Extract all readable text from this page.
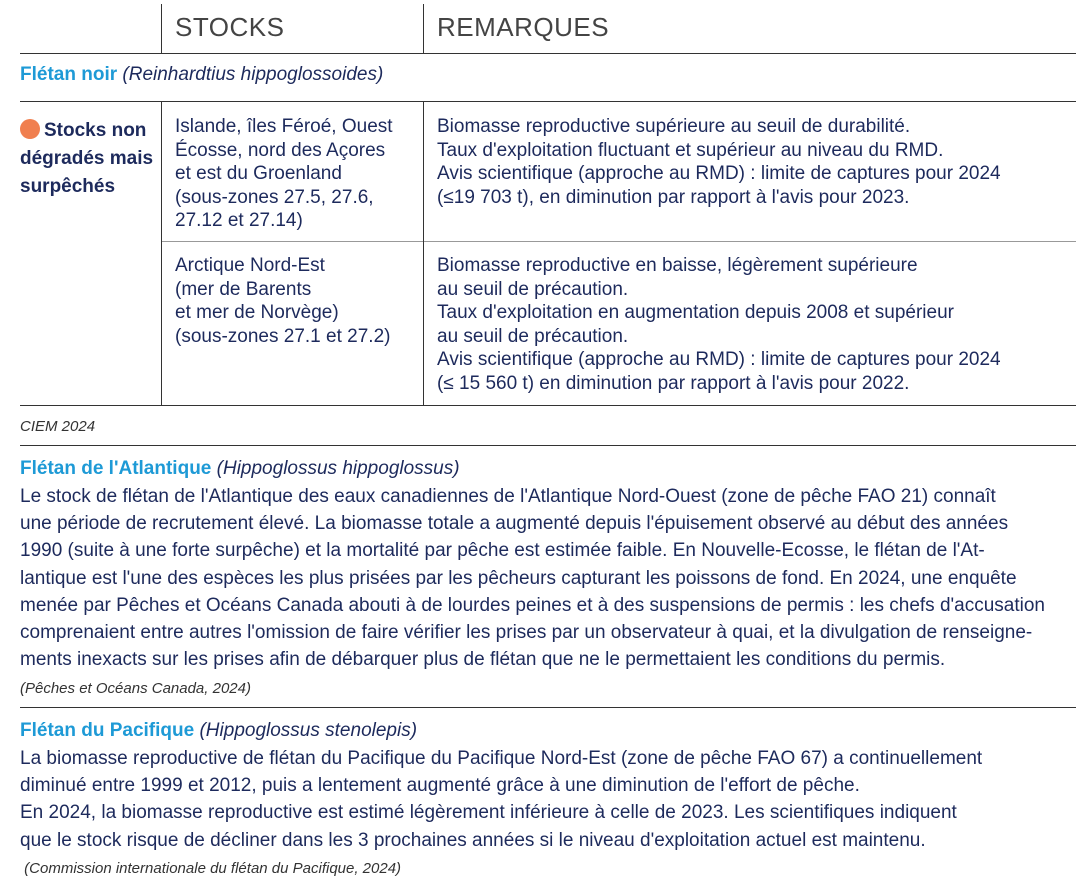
STOCKS	REMARQUES
Flétan noir (Reinhardtius hippoglossoides)
Stocks non dégradés mais surpêchés
Islande, îles Féroé, Ouest
Écosse, nord des Açores
et est du Groenland
(sous-zones 27.5, 27.6,
27.12 et 27.14)
Biomasse reproductive supérieure au seuil de durabilité.
Taux d'exploitation fluctuant et supérieur au niveau du RMD.
Avis scientifique (approche au RMD) : limite de captures pour 2024
(≤19 703 t), en diminution par rapport à l'avis pour 2023.
Arctique Nord-Est
(mer de Barents
et mer de Norvège)
(sous-zones 27.1 et 27.2)
Biomasse reproductive en baisse, légèrement supérieure
au seuil de précaution.
Taux d'exploitation en augmentation depuis 2008 et supérieur
au seuil de précaution.
Avis scientifique (approche au RMD) : limite de captures pour 2024
(≤ 15 560 t) en diminution par rapport à l'avis pour 2022.
CIEM 2024
Flétan de l'Atlantique (Hippoglossus hippoglossus)
Le stock de flétan de l'Atlantique des eaux canadiennes de l'Atlantique Nord-Ouest (zone de pêche FAO 21) connaît
une période de recrutement élevé. La biomasse totale a augmenté depuis l'épuisement observé au début des années
1990 (suite à une forte surpêche) et la mortalité par pêche est estimée faible. En Nouvelle-Ecosse, le flétan de l'At-
lantique est l'une des espèces les plus prisées par les pêcheurs capturant les poissons de fond. En 2024, une enquête
menée par Pêches et Océans Canada abouti à de lourdes peines et à des suspensions de permis : les chefs d'accusation
comprenaient entre autres l'omission de faire vérifier les prises par un observateur à quai, et la divulgation de renseigne-
ments inexacts sur les prises afin de débarquer plus de flétan que ne le permettaient les conditions du permis.
(Pêches et Océans Canada, 2024)
Flétan du Pacifique (Hippoglossus stenolepis)
La biomasse reproductive de flétan du Pacifique du Pacifique Nord-Est (zone de pêche FAO 67) a continuellement
diminué entre 1999 et 2012, puis a lentement augmenté grâce à une diminution de l'effort de pêche.
En 2024, la biomasse reproductive est estimé légèrement inférieure à celle de 2023. Les scientifiques indiquent
que le stock risque de décliner dans les 3 prochaines années si le niveau d'exploitation actuel est maintenu.
(Commission internationale du flétan du Pacifique, 2024)
